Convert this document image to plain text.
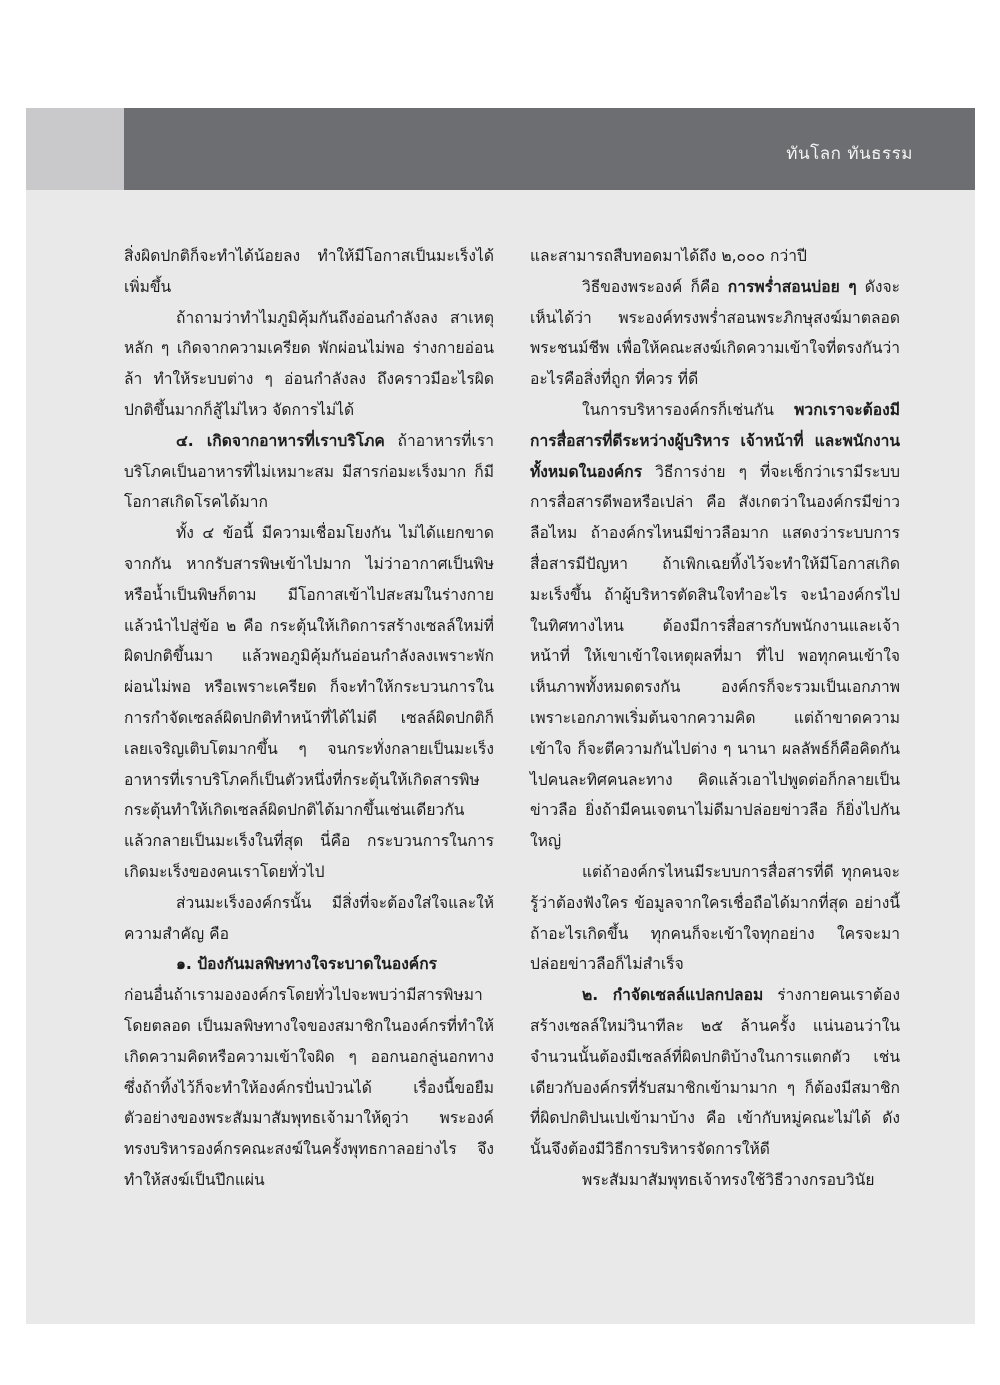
ทันโลก ทันธรรม

สิ่งผิดปกติก็จะทำได้น้อยลง ทำให้มีโอกาสเป็นมะเร็งได้เพิ่มขึ้น

ถ้าถามว่าทำไมภูมิคุ้มกันถึงอ่อนกำลังลง สาเหตุหลัก ๆ เกิดจากความเครียด พักผ่อนไม่พอ ร่างกายอ่อนล้า ทำให้ระบบต่าง ๆ อ่อนกำลังลง ถึงคราวมีอะไรผิดปกติขึ้นมากก็สู้ไม่ไหว จัดการไม่ได้

๔. เกิดจากอาหารที่เราบริโภค ถ้าอาหารที่เราบริโภคเป็นอาหารที่ไม่เหมาะสม มีสารก่อมะเร็งมาก ก็มีโอกาสเกิดโรคได้มาก

ทั้ง ๔ ข้อนี้ มีความเชื่อมโยงกัน ไม่ได้แยกขาดจากกัน หากรับสารพิษเข้าไปมาก ไม่ว่าอากาศเป็นพิษ หรือน้ำเป็นพิษก็ตาม มีโอกาสเข้าไปสะสมในร่างกาย แล้วนำไปสู่ข้อ ๒ คือ กระตุ้นให้เกิดการสร้างเซลล์ใหม่ที่ผิดปกติขึ้นมา แล้วพอภูมิคุ้มกันอ่อนกำลังลงเพราะพักผ่อนไม่พอ หรือเพราะเครียด ก็จะทำให้กระบวนการในการกำจัดเซลล์ผิดปกติทำหน้าที่ได้ไม่ดี เซลล์ผิดปกติก็เลยเจริญเติบโตมากขึ้น ๆ จนกระทั่งกลายเป็นมะเร็ง อาหารที่เราบริโภคก็เป็นตัวหนึ่งที่กระตุ้นให้เกิดสารพิษ กระตุ้นทำให้เกิดเซลล์ผิดปกติได้มากขึ้นเช่นเดียวกัน แล้วกลายเป็นมะเร็งในที่สุด นี่คือ กระบวนการในการเกิดมะเร็งของคนเราโดยทั่วไป

ส่วนมะเร็งองค์กรนั้น มีสิ่งที่จะต้องใส่ใจและให้ความสำคัญ คือ

๑. ป้องกันมลพิษทางใจระบาดในองค์กร

ก่อนอื่นถ้าเรามององค์กรโดยทั่วไปจะพบว่ามีสารพิษมาโดยตลอด เป็นมลพิษทางใจของสมาชิกในองค์กรที่ทำให้เกิดความคิดหรือความเข้าใจผิด ๆ ออกนอกลู่นอกทาง ซึ่งถ้าทิ้งไว้ก็จะทำให้องค์กรปั่นป่วนได้ เรื่องนี้ขอยืมตัวอย่างของพระสัมมาสัมพุทธเจ้ามาให้ดูว่า พระองค์ทรงบริหารองค์กรคณะสงฆ์ในครั้งพุทธกาลอย่างไร จึงทำให้สงฆ์เป็นปึกแผ่น

และสามารถสืบทอดมาได้ถึง ๒,๐๐๐ กว่าปี

วิธีของพระองค์ ก็คือ การพร่ำสอนบ่อย ๆ ดังจะเห็นได้ว่า พระองค์ทรงพร่ำสอนพระภิกษุสงฆ์มาตลอดพระชนม์ชีพ เพื่อให้คณะสงฆ์เกิดความเข้าใจที่ตรงกันว่า อะไรคือสิ่งที่ถูก ที่ควร ที่ดี

ในการบริหารองค์กรก็เช่นกัน พวกเราจะต้องมีการสื่อสารที่ดีระหว่างผู้บริหาร เจ้าหน้าที่ และพนักงานทั้งหมดในองค์กร วิธีการง่าย ๆ ที่จะเช็กว่าเรามีระบบการสื่อสารดีพอหรือเปล่า คือ สังเกตว่าในองค์กรมีข่าวลือไหม ถ้าองค์กรไหนมีข่าวลือมาก แสดงว่าระบบการสื่อสารมีปัญหา ถ้าเพิกเฉยทิ้งไว้จะทำให้มีโอกาสเกิดมะเร็งขึ้น ถ้าผู้บริหารตัดสินใจทำอะไร จะนำองค์กรไปในทิศทางไหน ต้องมีการสื่อสารกับพนักงานและเจ้าหน้าที่ ให้เขาเข้าใจเหตุผลที่มา ที่ไป พอทุกคนเข้าใจ เห็นภาพทั้งหมดตรงกัน องค์กรก็จะรวมเป็นเอกภาพ เพราะเอกภาพเริ่มต้นจากความคิด แต่ถ้าขาดความเข้าใจ ก็จะตีความกันไปต่าง ๆ นานา ผลลัพธ์ก็คือคิดกันไปคนละทิศคนละทาง คิดแล้วเอาไปพูดต่อก็กลายเป็นข่าวลือ ยิ่งถ้ามีคนเจตนาไม่ดีมาปล่อยข่าวลือ ก็ยิ่งไปกันใหญ่

แต่ถ้าองค์กรไหนมีระบบการสื่อสารที่ดี ทุกคนจะรู้ว่าต้องฟังใคร ข้อมูลจากใครเชื่อถือได้มากที่สุด อย่างนี้ถ้าอะไรเกิดขึ้น ทุกคนก็จะเข้าใจทุกอย่าง ใครจะมาปล่อยข่าวลือก็ไม่สำเร็จ

๒. กำจัดเซลล์แปลกปลอม ร่างกายคนเราต้องสร้างเซลล์ใหม่วินาทีละ ๒๕ ล้านครั้ง แน่นอนว่าในจำนวนนั้นต้องมีเซลล์ที่ผิดปกติบ้างในการแตกตัว เช่นเดียวกับองค์กรที่รับสมาชิกเข้ามามาก ๆ ก็ต้องมีสมาชิกที่ผิดปกติปนเปเข้ามาบ้าง คือ เข้ากับหมู่คณะไม่ได้ ดังนั้นจึงต้องมีวิธีการบริหารจัดการให้ดี

พระสัมมาสัมพุทธเจ้าทรงใช้วิธีวางกรอบวินัย
